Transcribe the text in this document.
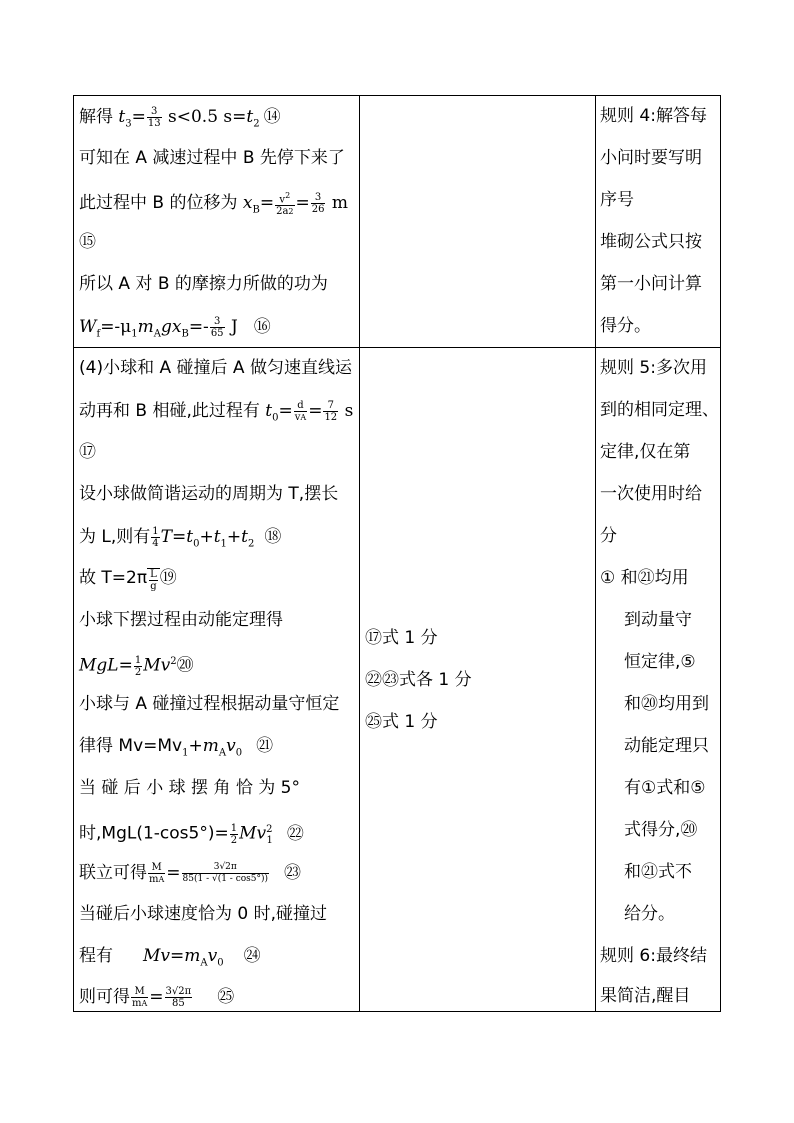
解得 $t_3= \frac{3}{13} s<0.5$ $s=t_2$ ⑭
可知在 A 减速过程中 B 先停下来了
此过程中 B 的位移为 $x_B= \frac{v^2}{2a2} = \frac{3}{26}$ m
⑮
所以 A 对 B 的摩擦力所做的功为
$W_f=-\mu_1m_Agx_B=- \frac{3}{65}$ J ⑯
规则 4:解答每
小问时要写明
序号
堆砌公式只按
第一小问计算
得分。
(4)小球和 A 碰撞后 A 做匀速直线运
动再和 B 相碰,此过程有 $t_0= \frac{d}{vA} = \frac{7}{12}$ s
⑰
设小球做简谐运动的周期为 T,摆长
为 L,则有 $\frac{1}{4} T=t_0+t_1+t_2$ ⑱
故 $T=2\pi \frac{L}{g}$ ⑲
小球下摆过程由动能定理得
$MgL= \frac{1}{2}$ Mv$^2$⑳
小球与 A 碰撞过程根据动量守恒定
律得 $Mv=Mv_1+m_Av_0$ ㉑
当 碰 后 小 球 摆 角 恰 为 5°
时$,MgL(1-\cos 5^\circ)= \frac{1}{2} Mv^2_1$ ㉒
联立可得 $\frac{M}{mA} = \frac{3√2\pi}{85(1 - √(1 - \cos 5^\circ))}$ ㉓
当碰后小球速度恰为 0 时,碰撞过
程有 $Mv=m_Av_0$ ㉔
则可得 $\frac{M}{mA} = \frac{3√2\pi}{85}$ ㉕
⑰式 1 分
㉒㉓式各 1 分
㉕式 1 分
规则 5:多次用
到的相同定理、
定律,仅在第
一次使用时给
分
① 和㉑均用
到动量守
恒定律,⑤
和⑳均用到
动能定理只
有①式和⑤
式得分,⑳
和㉑式不
给分。
规则 6:最终结
果简洁,醒目
